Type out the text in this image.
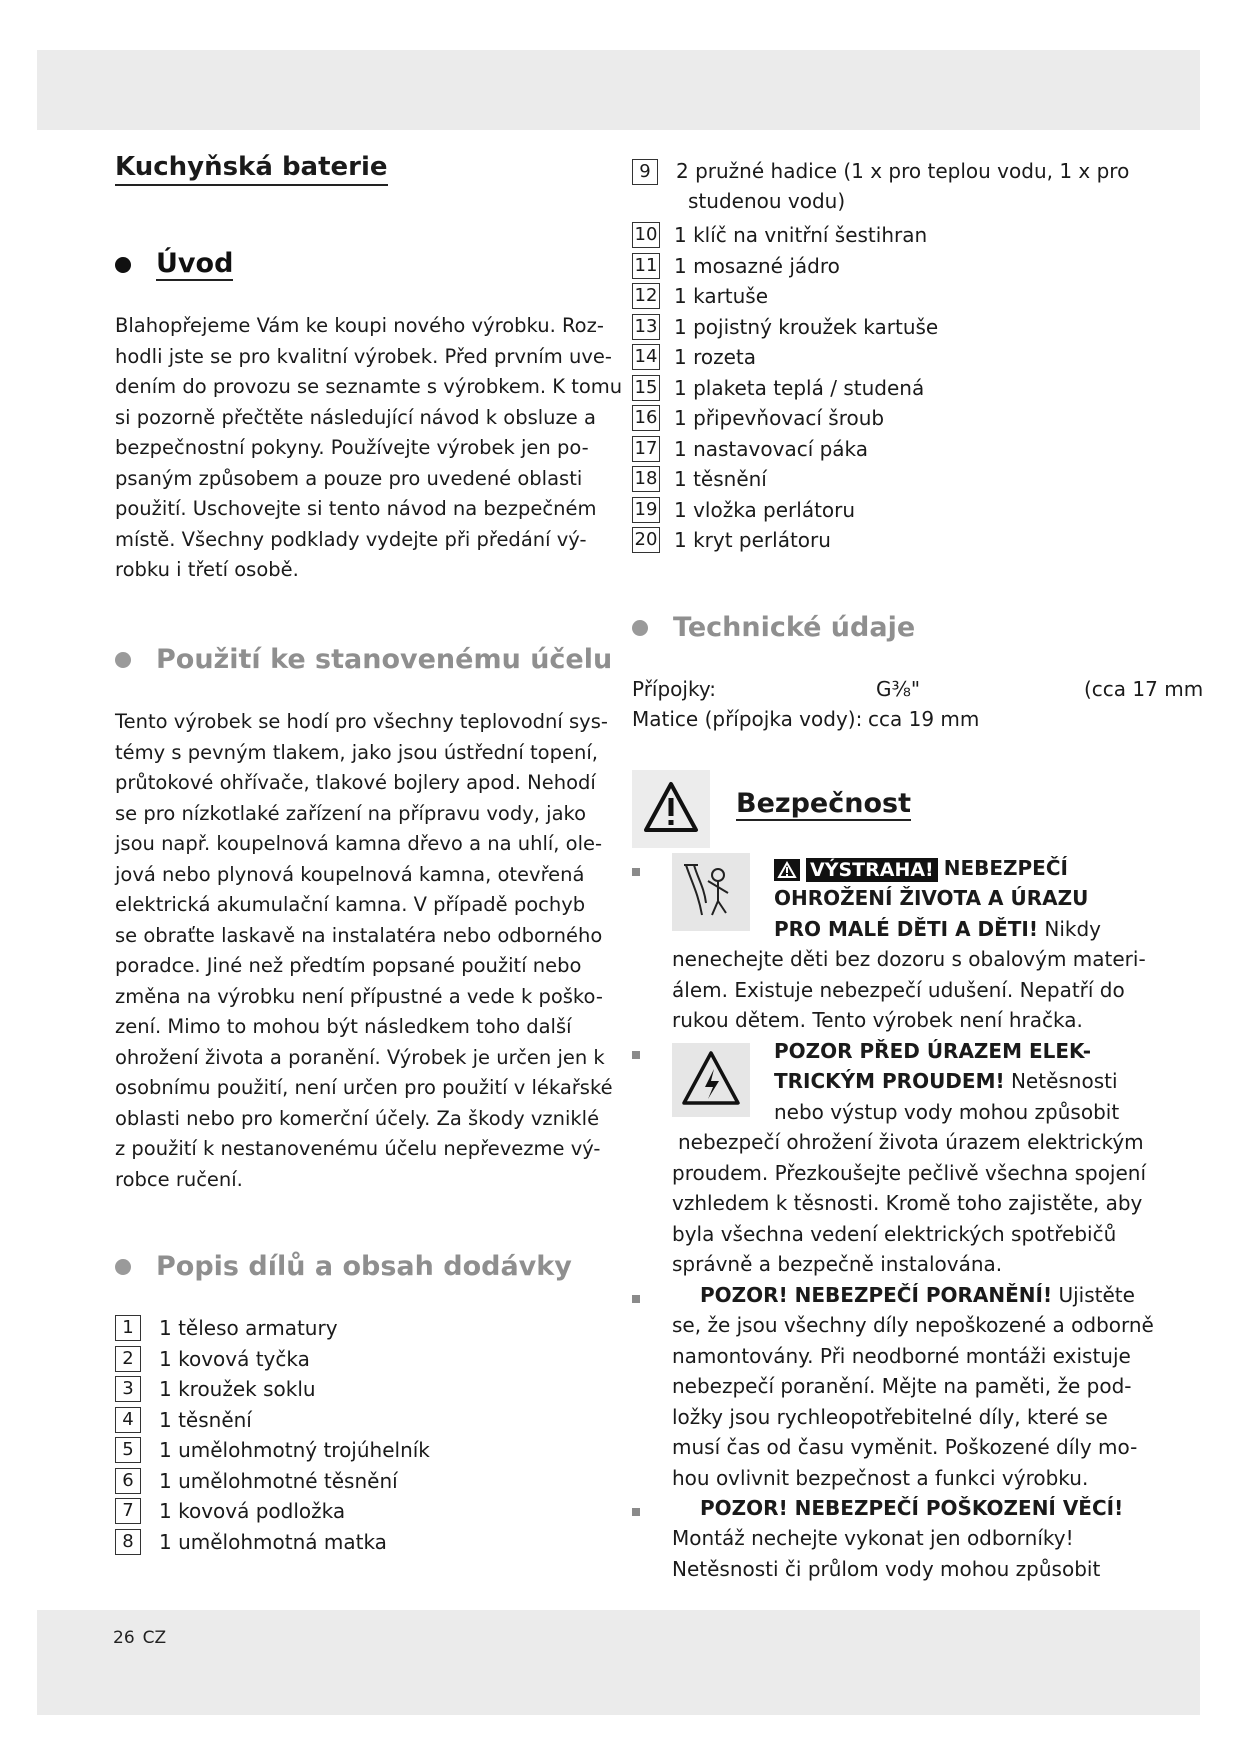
26 CZ
Kuchyňská baterie
Úvod
Blahopřejeme Vám ke koupi nového výrobku. Roz-
hodli jste se pro kvalitní výrobek. Před prvním uve-
dením do provozu se seznamte s výrobkem. K tomu
si pozorně přečtěte následující návod k obsluze a
bezpečnostní pokyny. Používejte výrobek jen po-
psaným způsobem a pouze pro uvedené oblasti
použití. Uschovejte si tento návod na bezpečném
místě. Všechny podklady vydejte při předání vý-
robku i třetí osobě.
Použití ke stanovenému účelu
Tento výrobek se hodí pro všechny teplovodní sys-
témy s pevným tlakem, jako jsou ústřední topení,
průtokové ohřívače, tlakové bojlery apod. Nehodí
se pro nízkotlaké zařízení na přípravu vody, jako
jsou např. koupelnová kamna dřevo a na uhlí, ole-
jová nebo plynová koupelnová kamna, otevřená
elektrická akumulační kamna. V případě pochyb
se obraťte laskavě na instalatéra nebo odborného
poradce. Jiné než předtím popsané použití nebo
změna na výrobku není přípustné a vede k poško-
zení. Mimo to mohou být následkem toho další
ohrožení života a poranění. Výrobek je určen jen k
osobnímu použití, není určen pro použití v lékařské
oblasti nebo pro komerční účely. Za škody vzniklé
z použití k nestanovenému účelu nepřevezme vý-
robce ručení.
Popis dílů a obsah dodávky
1	1 těleso armatury
2	1 kovová tyčka
3	1 kroužek soklu
4	1 těsnění
5	1 umělohmotný trojúhelník
6	1 umělohmotné těsnění
7	1 kovová podložka
8	1 umělohmotná matka
9	2 pružné hadice (1 x pro teplou vodu, 1 x pro
studenou vodu)
10 1 klíč na vnitřní šestihran
11 1 mosazné jádro
12 1 kartuše
13 1 pojistný kroužek kartuše
14 1 rozeta
15 1 plaketa teplá / studená
16 1 připevňovací šroub
17 1 nastavovací páka
18 1 těsnění
19 1 vložka perlátoru
20 1 kryt perlátoru
Technické údaje
Přípojky:	G⅜"	(cca 17 mm
Matice (přípojka vody): cca 19 mm
Bezpečnost
VÝSTRAHA! NEBEZPEČÍ
OHROŽENÍ ŽIVOTA A ÚRAZU
PRO MALÉ DĚTI A DĚTI! Nikdy
nenechejte děti bez dozoru s obalovým materi-
álem. Existuje nebezpečí udušení. Nepatří do
rukou dětem. Tento výrobek není hračka.
POZOR PŘED ÚRAZEM ELEK-
TRICKÝM PROUDEM! Netěsnosti
nebo výstup vody mohou způsobit
nebezpečí ohrožení života úrazem elektrickým
proudem. Přezkoušejte pečlivě všechna spojení
vzhledem k těsnosti. Kromě toho zajistěte, aby
byla všechna vedení elektrických spotřebičů
správně a bezpečně instalována.
POZOR! NEBEZPEČÍ PORANĚNÍ! Ujistěte
se, že jsou všechny díly nepoškozené a odborně
namontovány. Při neodborné montáži existuje
nebezpečí poranění. Mějte na paměti, že pod-
ložky jsou rychleopotřebitelné díly, které se
musí čas od času vyměnit. Poškozené díly mo-
hou ovlivnit bezpečnost a funkci výrobku.
POZOR! NEBEZPEČÍ POŠKOZENÍ VĚCÍ!
Montáž nechejte vykonat jen odborníky!
Netěsnosti či průlom vody mohou způsobit
